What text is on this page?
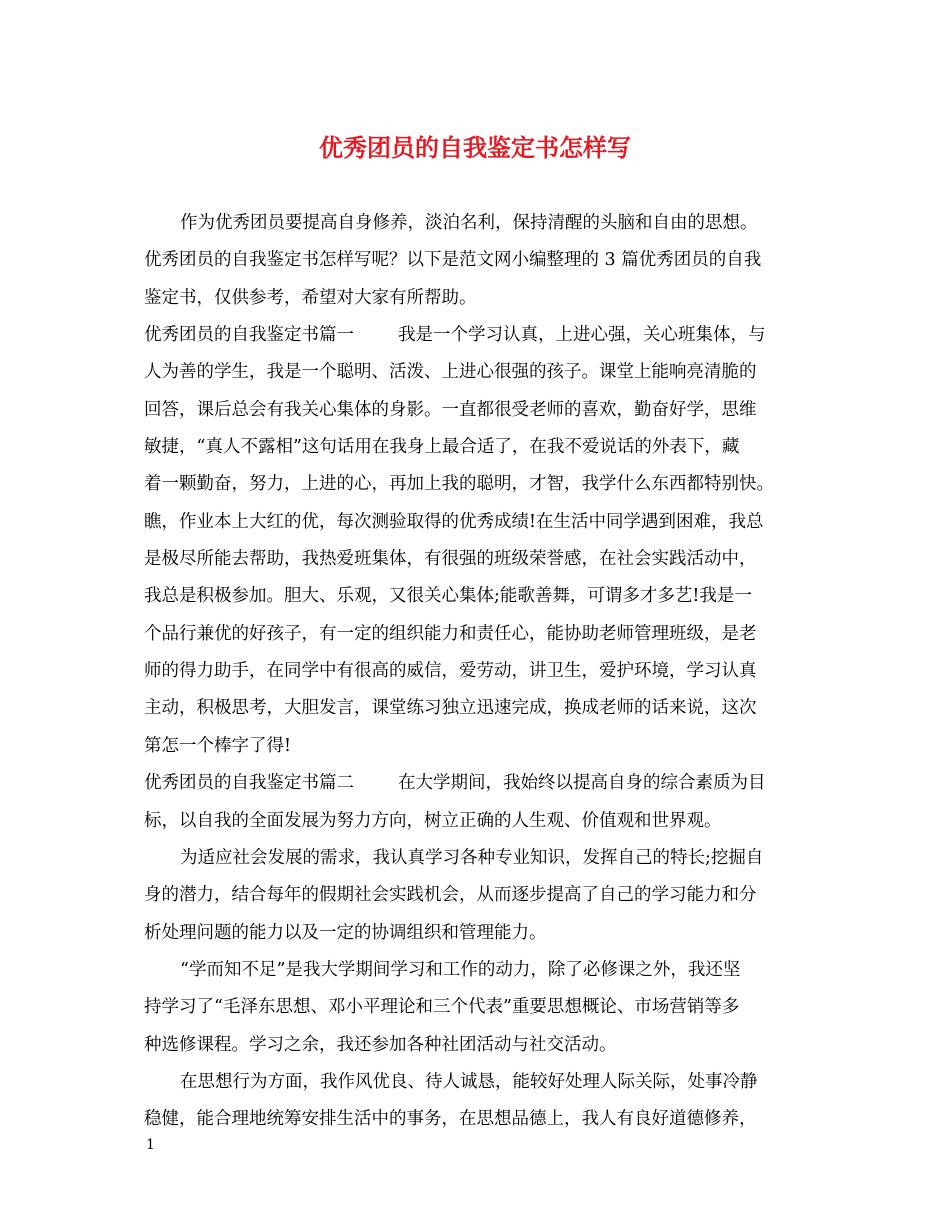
优秀团员的自我鉴定书怎样写
作为优秀团员要提高自身修养，淡泊名利，保持清醒的头脑和自由的思想。
优秀团员的自我鉴定书怎样写呢？以下是范文网小编整理的 3 篇优秀团员的自我
鉴定书，仅供参考，希望对大家有所帮助。
优秀团员的自我鉴定书篇一	我是一个学习认真，上进心强，关心班集体，与
人为善的学生，我是一个聪明、活泼、上进心很强的孩子。课堂上能响亮清脆的
回答，课后总会有我关心集体的身影。一直都很受老师的喜欢，勤奋好学，思维
敏捷，“真人不露相”这句话用在我身上最合适了，在我不爱说话的外表下，藏
着一颗勤奋，努力，上进的心，再加上我的聪明，才智，我学什么东西都特别快。
瞧，作业本上大红的优，每次测验取得的优秀成绩!在生活中同学遇到困难，我总
是极尽所能去帮助，我热爱班集体，有很强的班级荣誉感，在社会实践活动中，
我总是积极参加。胆大、乐观，又很关心集体;能歌善舞，可谓多才多艺!我是一
个品行兼优的好孩子，有一定的组织能力和责任心，能协助老师管理班级，是老
师的得力助手，在同学中有很高的威信，爱劳动，讲卫生，爱护环境，学习认真
主动，积极思考，大胆发言，课堂练习独立迅速完成，换成老师的话来说，这次
第怎一个棒字了得!
优秀团员的自我鉴定书篇二	在大学期间，我始终以提高自身的综合素质为目
标，以自我的全面发展为努力方向，树立正确的人生观、价值观和世界观。
为适应社会发展的需求，我认真学习各种专业知识，发挥自己的特长;挖掘自
身的潜力，结合每年的假期社会实践机会，从而逐步提高了自己的学习能力和分
析处理问题的能力以及一定的协调组织和管理能力。
“学而知不足”是我大学期间学习和工作的动力，除了必修课之外，我还坚
持学习了“毛泽东思想、邓小平理论和三个代表”重要思想概论、市场营销等多
种选修课程。学习之余，我还参加各种社团活动与社交活动。
在思想行为方面，我作风优良、待人诚恳，能较好处理人际关际，处事冷静
稳健，能合理地统筹安排生活中的事务，在思想品德上，我人有良好道德修养，
1
